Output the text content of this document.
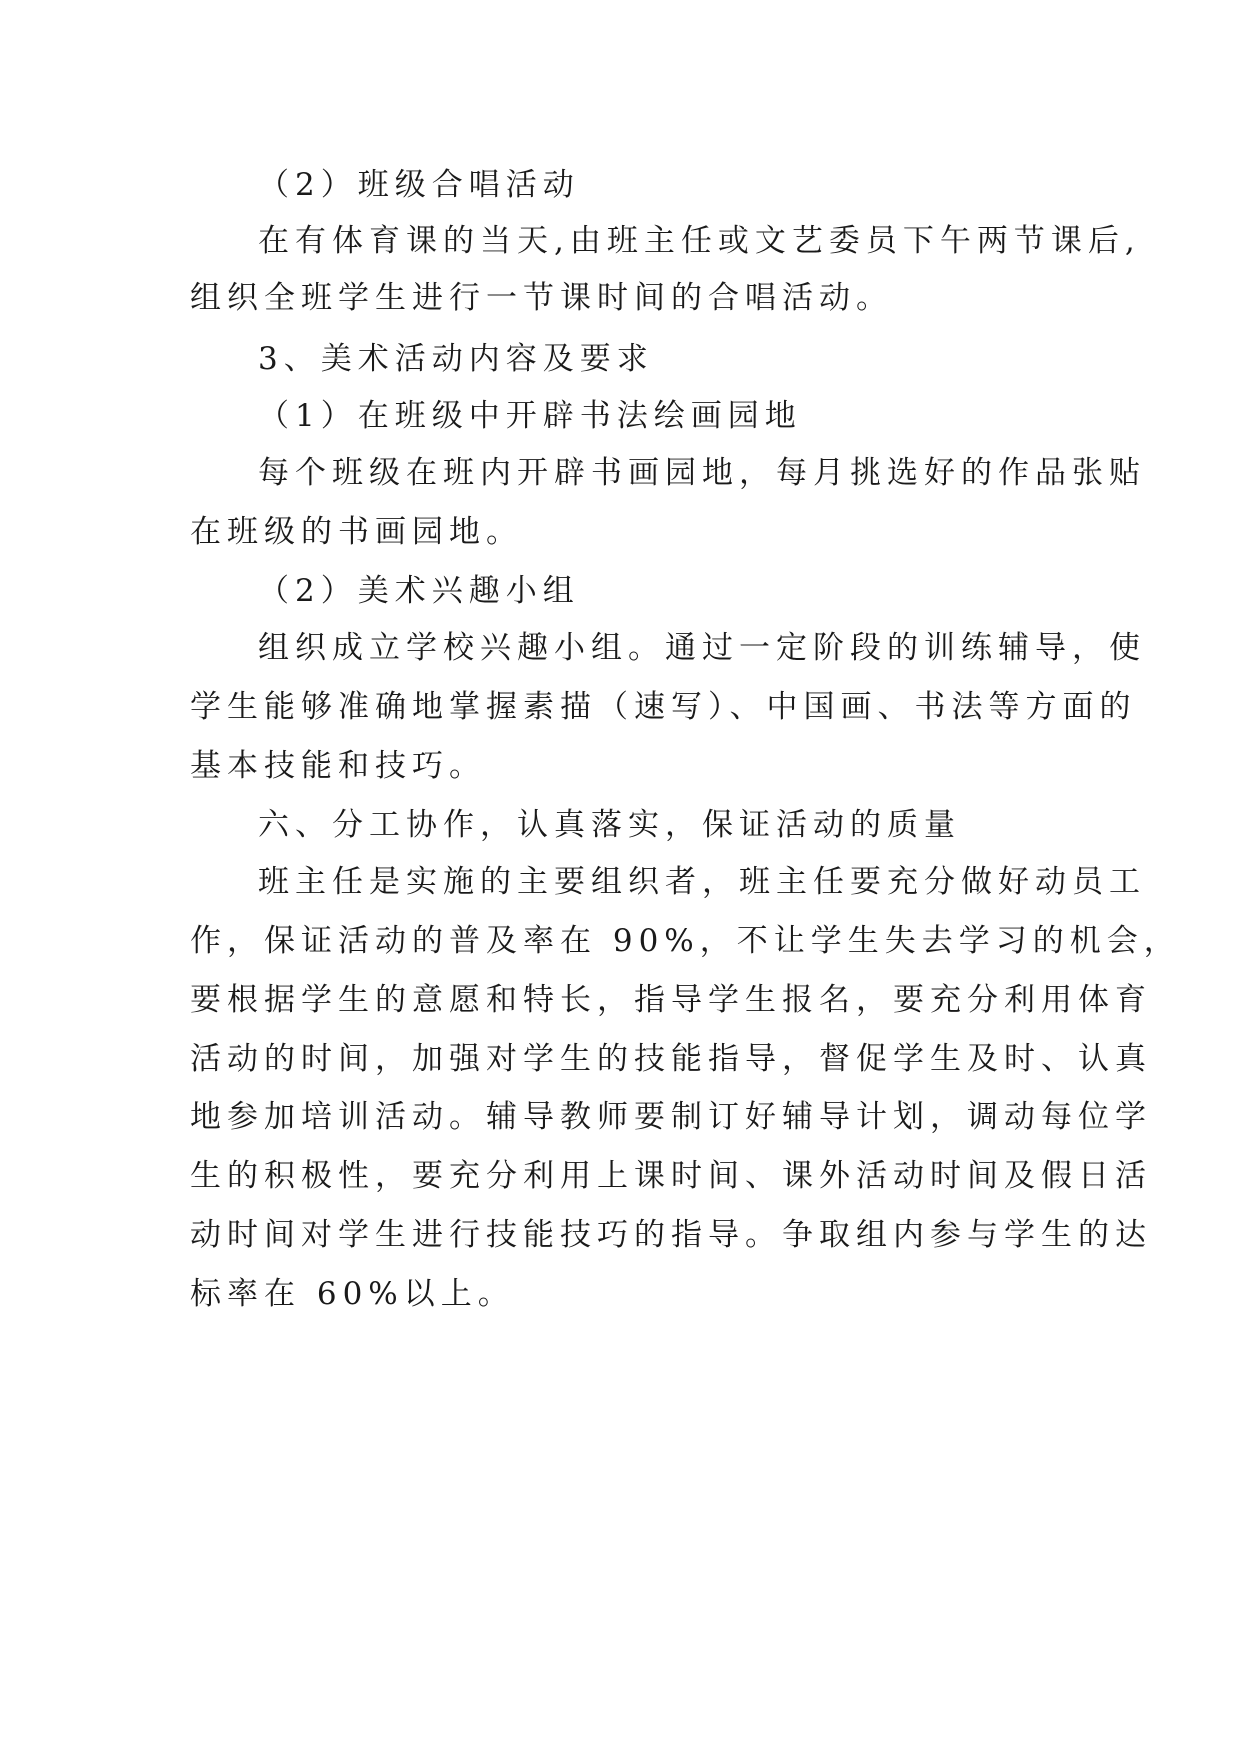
（2）班级合唱活动

在有体育课的当天,由班主任或文艺委员下午两节课后,

组织全班学生进行一节课时间的合唱活动。

3、美术活动内容及要求

（1）在班级中开辟书法绘画园地

每个班级在班内开辟书画园地，每月挑选好的作品张贴

在班级的书画园地。

（2）美术兴趣小组

组织成立学校兴趣小组。通过一定阶段的训练辅导，使

学生能够准确地掌握素描（速写）、中国画、书法等方面的

基本技能和技巧。

六、分工协作，认真落实，保证活动的质量

班主任是实施的主要组织者，班主任要充分做好动员工

作，保证活动的普及率在 90%，不让学生失去学习的机会，

要根据学生的意愿和特长，指导学生报名，要充分利用体育

活动的时间，加强对学生的技能指导，督促学生及时、认真

地参加培训活动。辅导教师要制订好辅导计划，调动每位学

生的积极性，要充分利用上课时间、课外活动时间及假日活

动时间对学生进行技能技巧的指导。争取组内参与学生的达

标率在 60%以上。
